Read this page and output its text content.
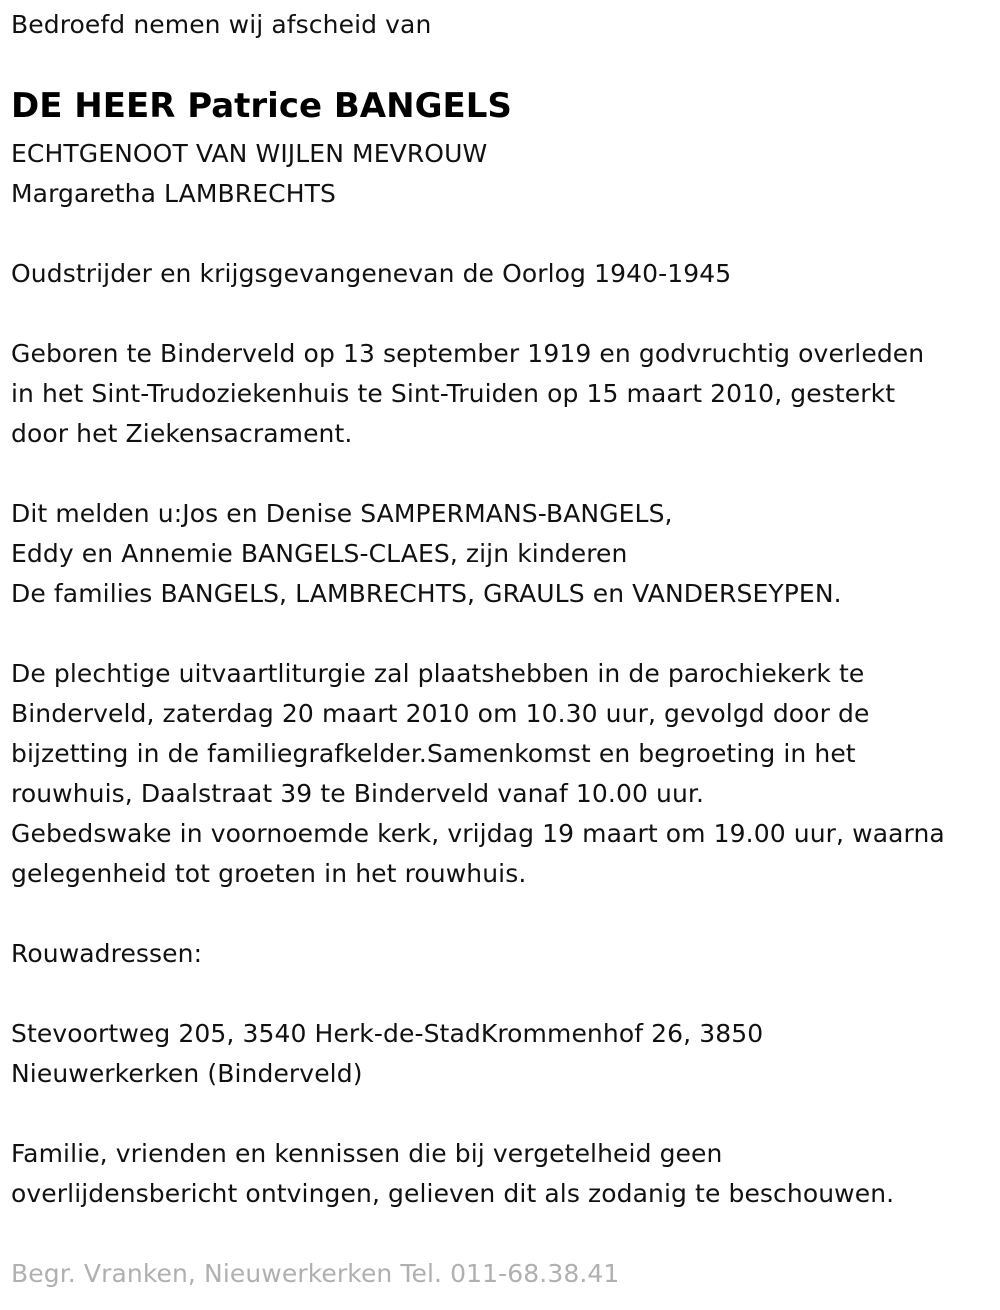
Bedroefd nemen wij afscheid van
DE HEER Patrice BANGELS
ECHTGENOOT VAN WIJLEN MEVROUW
Margaretha LAMBRECHTS
Oudstrijder en krijgsgevangenevan de Oorlog 1940-1945
Geboren te Binderveld op 13 september 1919 en godvruchtig overleden
in het Sint-Trudoziekenhuis te Sint-Truiden op 15 maart 2010, gesterkt
door het Ziekensacrament.
Dit melden u:Jos en Denise SAMPERMANS-BANGELS,
Eddy en Annemie BANGELS-CLAES, zijn kinderen
De families BANGELS, LAMBRECHTS, GRAULS en VANDERSEYPEN.
De plechtige uitvaartliturgie zal plaatshebben in de parochiekerk te
Binderveld, zaterdag 20 maart 2010 om 10.30 uur, gevolgd door de
bijzetting in de familiegrafkelder.Samenkomst en begroeting in het
rouwhuis, Daalstraat 39 te Binderveld vanaf 10.00 uur.
Gebedswake in voornoemde kerk, vrijdag 19 maart om 19.00 uur, waarna
gelegenheid tot groeten in het rouwhuis.
Rouwadressen:
Stevoortweg 205, 3540 Herk-de-StadKrommenhof 26, 3850
Nieuwerkerken (Binderveld)
Familie, vrienden en kennissen die bij vergetelheid geen
overlijdensbericht ontvingen, gelieven dit als zodanig te beschouwen.
Begr. Vranken, Nieuwerkerken Tel. 011-68.38.41
